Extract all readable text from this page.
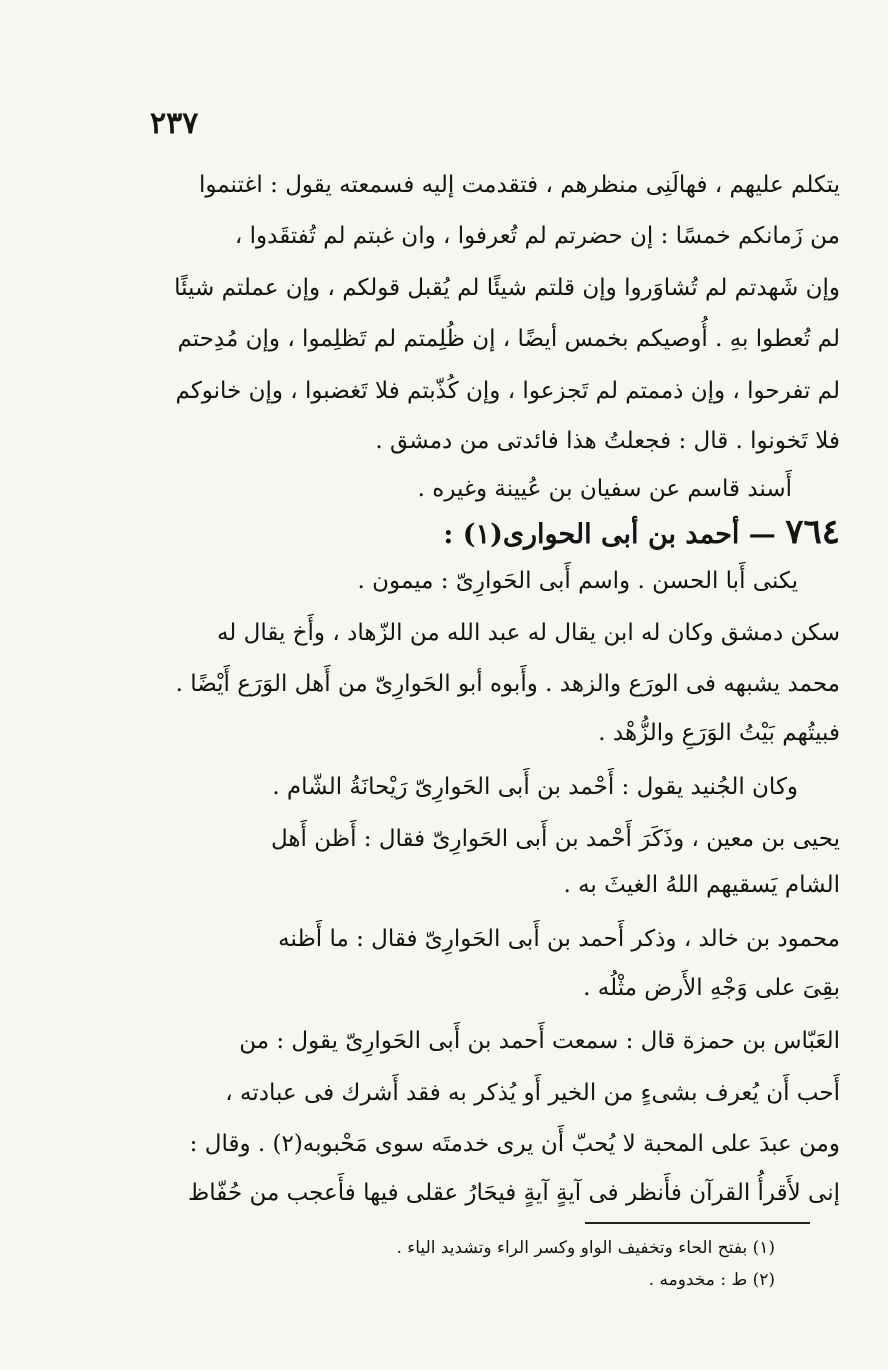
٢٣٧
يتكلم عليهم ، فهالَنِى منظرهم ، فتقدمت إليه فسمعته يقول : اغتنموا
من زَمانكم خمسًا : إن حضرتم لم تُعرفوا ، وان غبتم لم تُفتقَدوا ،
وإن شَهدتم لم تُشاوَروا وإن قلتم شيئًا لم يُقبل قولكم ، وإن عملتم شيئًا
لم تُعطوا بهِ . أُوصيكم بخمس أيضًا ، إن ظُلِمتم لم تَظلِموا ، وإن مُدِحتم
لم تفرحوا ، وإن ذممتم لم تَجزعوا ، وإن كُذّبتم فلا تَغضبوا ، وإن خانوكم
فلا تَخونوا . قال : فجعلتُ هذا فائدتى من دمشق .
أَسند قاسم عن سفيان بن عُيينة وغيره .
٧٦٤ — أحمد بن أبى الحوارى(١) :
يكنى أَبا الحسن . واسم أَبى الحَوارِىّ : ميمون .
سكن دمشق وكان له ابن يقال له عبد الله من الزّهاد ، وأَخ يقال له
محمد يشبهه فى الورَع والزهد . وأَبوه أبو الحَوارِىّ من أَهل الوَرَع أَيْضًا .
فبيتُهم بَيْتُ الوَرَعِ والزُّهْد .
وكان الجُنيد يقول : أَحْمد بن أَبى الحَوارِىّ رَيْحانَةُ الشّام .
يحيى بن معين ، وذَكَرَ أَحْمد بن أَبى الحَوارِىّ فقال : أَظن أَهل
الشام يَسقيهم اللهُ الغيثَ به .
محمود بن خالد ، وذكر أَحمد بن أَبى الحَوارِىّ فقال : ما أَظنه
بقِىَ على وَجْهِ الأَرض مثْلُه .
العَبّاس بن حمزة قال : سمعت أَحمد بن أَبى الحَوارِىّ يقول : من
أَحب أَن يُعرف بشىءٍ من الخير أَو يُذكر به فقد أَشرك فى عبادته ،
ومن عبدَ على المحبة لا يُحبّ أَن يرى خدمتَه سوى مَحْبوبه(٢) . وقال :
إنى لأَقرأُ القرآن فأَنظر فى آيةٍ آيةٍ فيحَارُ عقلى فيها فأَعجب من حُفّاظ
(١) بفتح الحاء وتخفيف الواو وكسر الراء وتشديد الياء .
(٢) ط : مخدومه .
